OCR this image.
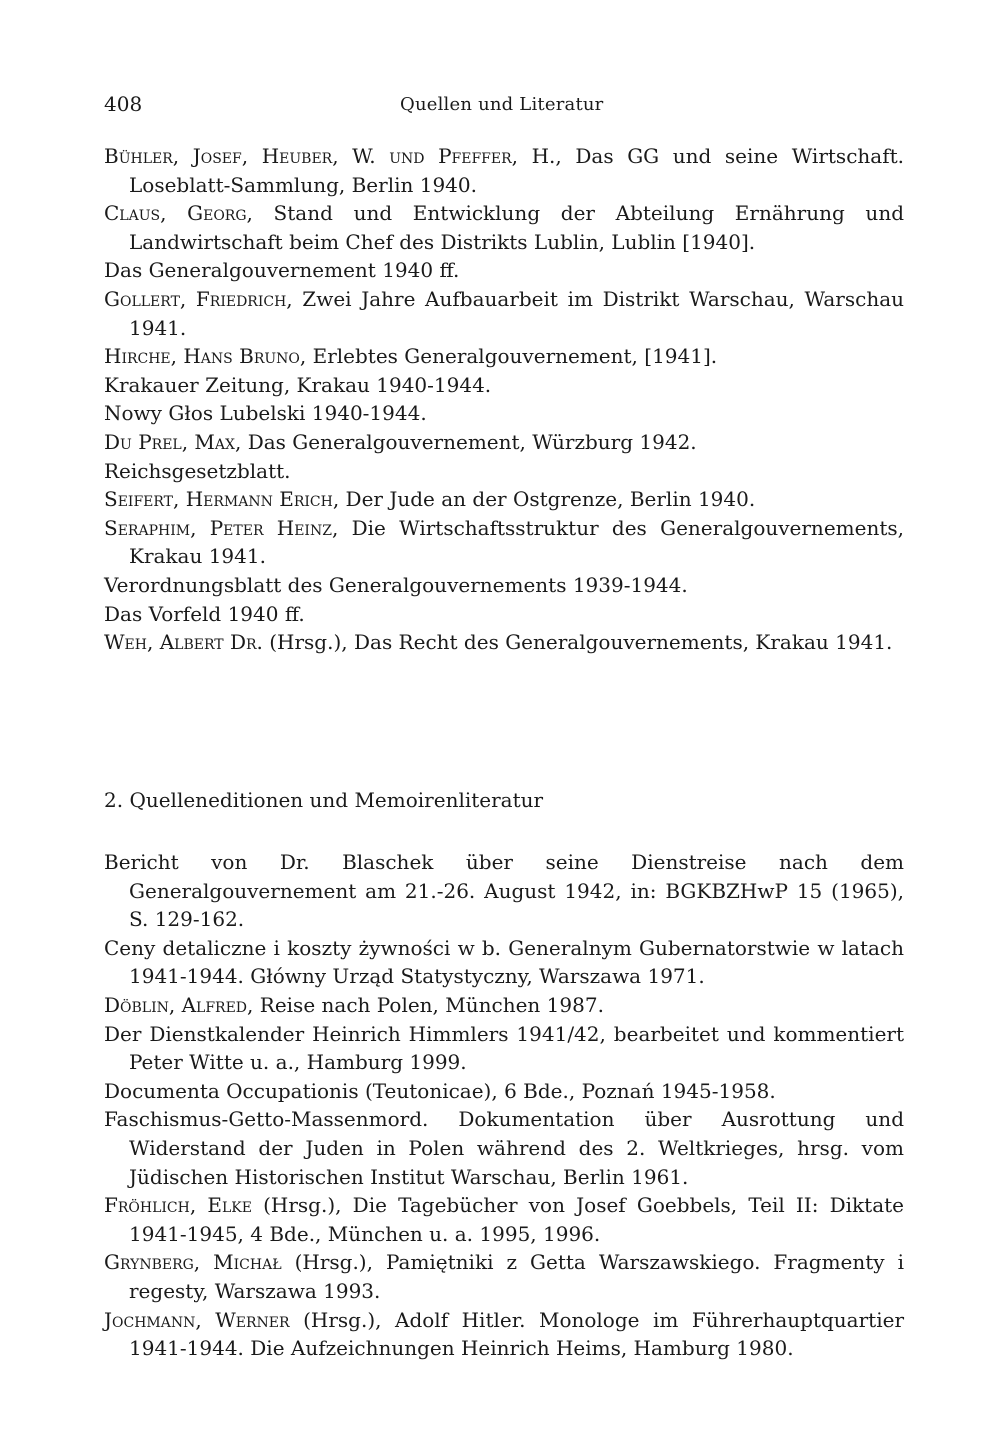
408	Quellen und Literatur

Bühler, Josef, Heuber, W. und Pfeffer, H., Das GG und seine Wirtschaft. Loseblatt-Sammlung, Berlin 1940.

Claus, Georg, Stand und Entwicklung der Abteilung Ernährung und Landwirtschaft beim Chef des Distrikts Lublin, Lublin [1940].

Das Generalgouvernement 1940 ff.

Gollert, Friedrich, Zwei Jahre Aufbauarbeit im Distrikt Warschau, Warschau 1941.

Hirche, Hans Bruno, Erlebtes Generalgouvernement, [1941].

Krakauer Zeitung, Krakau 1940-1944.

Nowy Głos Lubelski 1940-1944.

Du Prel, Max, Das Generalgouvernement, Würzburg 1942.

Reichsgesetzblatt.

Seifert, Hermann Erich, Der Jude an der Ostgrenze, Berlin 1940.

Seraphim, Peter Heinz, Die Wirtschaftsstruktur des Generalgouvernements, Krakau 1941.

Verordnungsblatt des Generalgouvernements 1939-1944.

Das Vorfeld 1940 ff.

Weh, Albert Dr. (Hrsg.), Das Recht des Generalgouvernements, Krakau 1941.

2. Quelleneditionen und Memoirenliteratur

Bericht von Dr. Blaschek über seine Dienstreise nach dem Generalgouvernement am 21.-26. August 1942, in: BGKBZHwP 15 (1965), S. 129-162.

Ceny detaliczne i koszty żywności w b. Generalnym Gubernatorstwie w latach 1941-1944. Główny Urząd Statystyczny, Warszawa 1971.

Döblin, Alfred, Reise nach Polen, München 1987.

Der Dienstkalender Heinrich Himmlers 1941/42, bearbeitet und kommentiert Peter Witte u. a., Hamburg 1999.

Documenta Occupationis (Teutonicae), 6 Bde., Poznań 1945-1958.

Faschismus-Getto-Massenmord. Dokumentation über Ausrottung und Widerstand der Juden in Polen während des 2. Weltkrieges, hrsg. vom Jüdischen Historischen Institut Warschau, Berlin 1961.

Fröhlich, Elke (Hrsg.), Die Tagebücher von Josef Goebbels, Teil II: Diktate 1941-1945, 4 Bde., München u. a. 1995, 1996.

Grynberg, Michał (Hrsg.), Pamiętniki z Getta Warszawskiego. Fragmenty i regesty, Warszawa 1993.

Jochmann, Werner (Hrsg.), Adolf Hitler. Monologe im Führerhauptquartier 1941-1944. Die Aufzeichnungen Heinrich Heims, Hamburg 1980.
